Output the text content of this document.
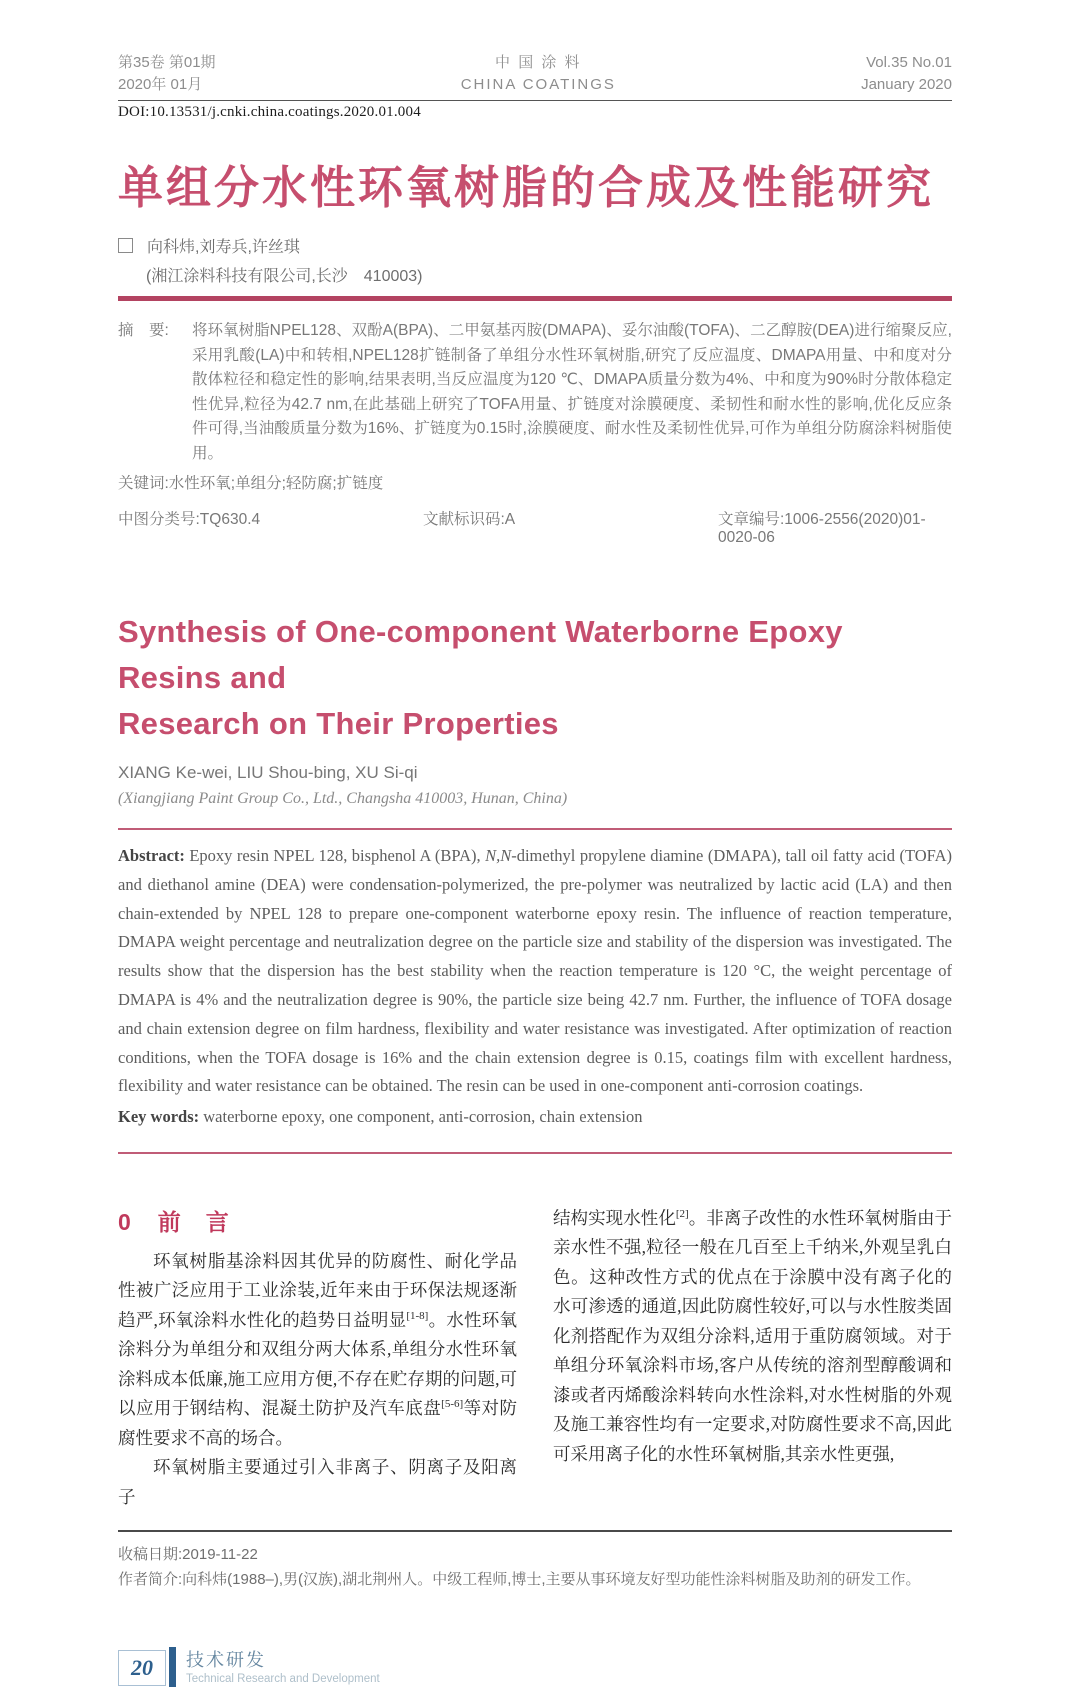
第35卷 第01期
2020年 01月
中 国 涂 料
CHINA COATINGS
Vol.35 No.01
January 2020
DOI:10.13531/j.cnki.china.coatings.2020.01.004
单组分水性环氧树脂的合成及性能研究
向科炜,刘寿兵,许丝琪
(湘江涂料科技有限公司,长沙　410003)
摘　要:	将环氧树脂NPEL128、双酚A(BPA)、二甲氨基丙胺(DMAPA)、妥尔油酸(TOFA)、二乙醇胺(DEA)进行缩聚反应,采用乳酸(LA)中和转相,NPEL128扩链制备了单组分水性环氧树脂,研究了反应温度、DMAPA用量、中和度对分散体粒径和稳定性的影响,结果表明,当反应温度为120 ℃、DMAPA质量分数为4%、中和度为90%时分散体稳定性优异,粒径为42.7 nm,在此基础上研究了TOFA用量、扩链度对涂膜硬度、柔韧性和耐水性的影响,优化反应条件可得,当油酸质量分数为16%、扩链度为0.15时,涂膜硬度、耐水性及柔韧性优异,可作为单组分防腐涂料树脂使用。
关键词:水性环氧;单组分;轻防腐;扩链度
中图分类号:TQ630.4	文献标识码:A	文章编号:1006-2556(2020)01-0020-06
Synthesis of One-component Waterborne Epoxy Resins and
Research on Their Properties
XIANG Ke-wei, LIU Shou-bing, XU Si-qi
(Xiangjiang Paint Group Co., Ltd., Changsha 410003, Hunan, China)
Abstract: Epoxy resin NPEL 128, bisphenol A (BPA), N,N-dimethyl propylene diamine (DMAPA), tall oil fatty acid (TOFA) and diethanol amine (DEA) were condensation-polymerized, the pre-polymer was neutralized by lactic acid (LA) and then chain-extended by NPEL 128 to prepare one-component waterborne epoxy resin. The influence of reaction temperature, DMAPA weight percentage and neutralization degree on the particle size and stability of the dispersion was investigated. The results show that the dispersion has the best stability when the reaction temperature is 120 °C, the weight percentage of DMAPA is 4% and the neutralization degree is 90%, the particle size being 42.7 nm. Further, the influence of TOFA dosage and chain extension degree on film hardness, flexibility and water resistance was investigated. After optimization of reaction conditions, when the TOFA dosage is 16% and the chain extension degree is 0.15, coatings film with excellent hardness, flexibility and water resistance can be obtained. The resin can be used in one-component anti-corrosion coatings.
Key words: waterborne epoxy, one component, anti-corrosion, chain extension
0 前　言

环氧树脂基涂料因其优异的防腐性、耐化学品性被广泛应用于工业涂装,近年来由于环保法规逐渐趋严,环氧涂料水性化的趋势日益明显[1-8]。水性环氧涂料分为单组分和双组分两大体系,单组分水性环氧涂料成本低廉,施工应用方便,不存在贮存期的问题,可以应用于钢结构、混凝土防护及汽车底盘[5-6]等对防腐性要求不高的场合。

环氧树脂主要通过引入非离子、阴离子及阳离子

结构实现水性化[2]。非离子改性的水性环氧树脂由于亲水性不强,粒径一般在几百至上千纳米,外观呈乳白色。这种改性方式的优点在于涂膜中没有离子化的水可渗透的通道,因此防腐性较好,可以与水性胺类固化剂搭配作为双组分涂料,适用于重防腐领域。对于单组分环氧涂料市场,客户从传统的溶剂型醇酸调和漆或者丙烯酸涂料转向水性涂料,对水性树脂的外观及施工兼容性均有一定要求,对防腐性要求不高,因此可采用离子化的水性环氧树脂,其亲水性更强,

收稿日期:2019-11-22
作者简介:向科炜(1988–),男(汉族),湖北荆州人。中级工程师,博士,主要从事环境友好型功能性涂料树脂及助剂的研发工作。
20 技术研发
Technical Research and Development
